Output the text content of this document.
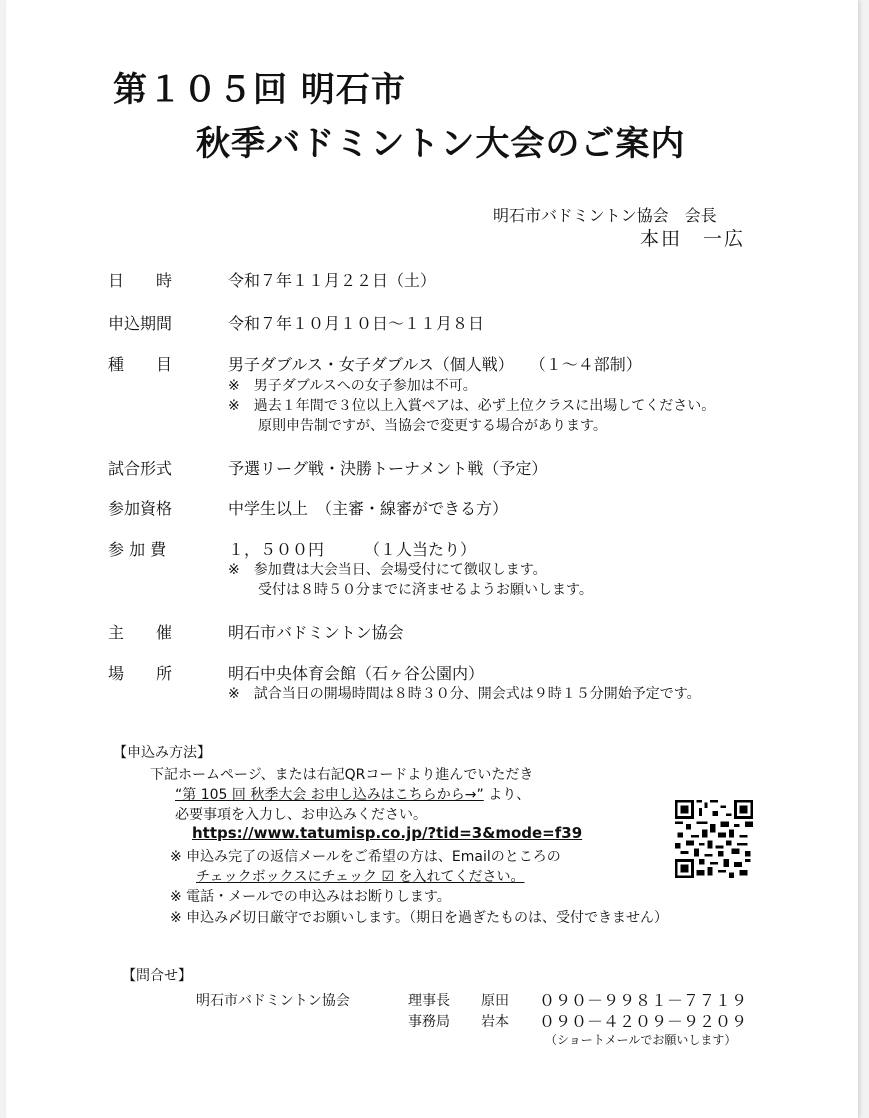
第１０５回 明石市
秋季バドミントン大会のご案内
明石市バドミントン協会　会長
本田　一広
日　　時	令和７年１１月２２日（土）
申込期間	令和７年１０月１０日～１１月８日
種　　目	男子ダブルス・女子ダブルス（個人戦）　　（１～４部制）
※　男子ダブルスへの女子参加は不可。
※　過去１年間で３位以上入賞ペアは、必ず上位クラスに出場してください。
原則申告制ですが、当協会で変更する場合があります。
試合形式	予選リーグ戦・決勝トーナメント戦（予定）
参加資格	中学生以上　（主審・線審ができる方）
参 加 費	１，５００円　　　（１人当たり）
※　参加費は大会当日、会場受付にて徴収します。
受付は８時５０分までに済ませるようお願いします。
主　　催	明石市バドミントン協会
場　　所	明石中央体育会館（石ヶ谷公園内）
※　試合当日の開場時間は８時３０分、開会式は９時１５分開始予定です。
【申込み方法】
下記ホームページ、または右記QRコードより進んでいただき
“第 105 回 秋季大会 お申し込みはこちらから→” より、
必要事項を入力し、お申込みください。
https://www.tatumisp.co.jp/?tid=3&mode=f39
※ 申込み完了の返信メールをご希望の方は、Emailのところの
チェックボックスにチェック ☑ を入れてください。
※ 電話・メールでの申込みはお断りします。
※ 申込み〆切日厳守でお願いします。（期日を過ぎたものは、受付できません）
【問合せ】
明石市バドミントン協会	理事長 原田 ０９０－９９８１－７７１９
事務局 岩本 ０９０－４２０９－９２０９
（ショートメールでお願いします）
